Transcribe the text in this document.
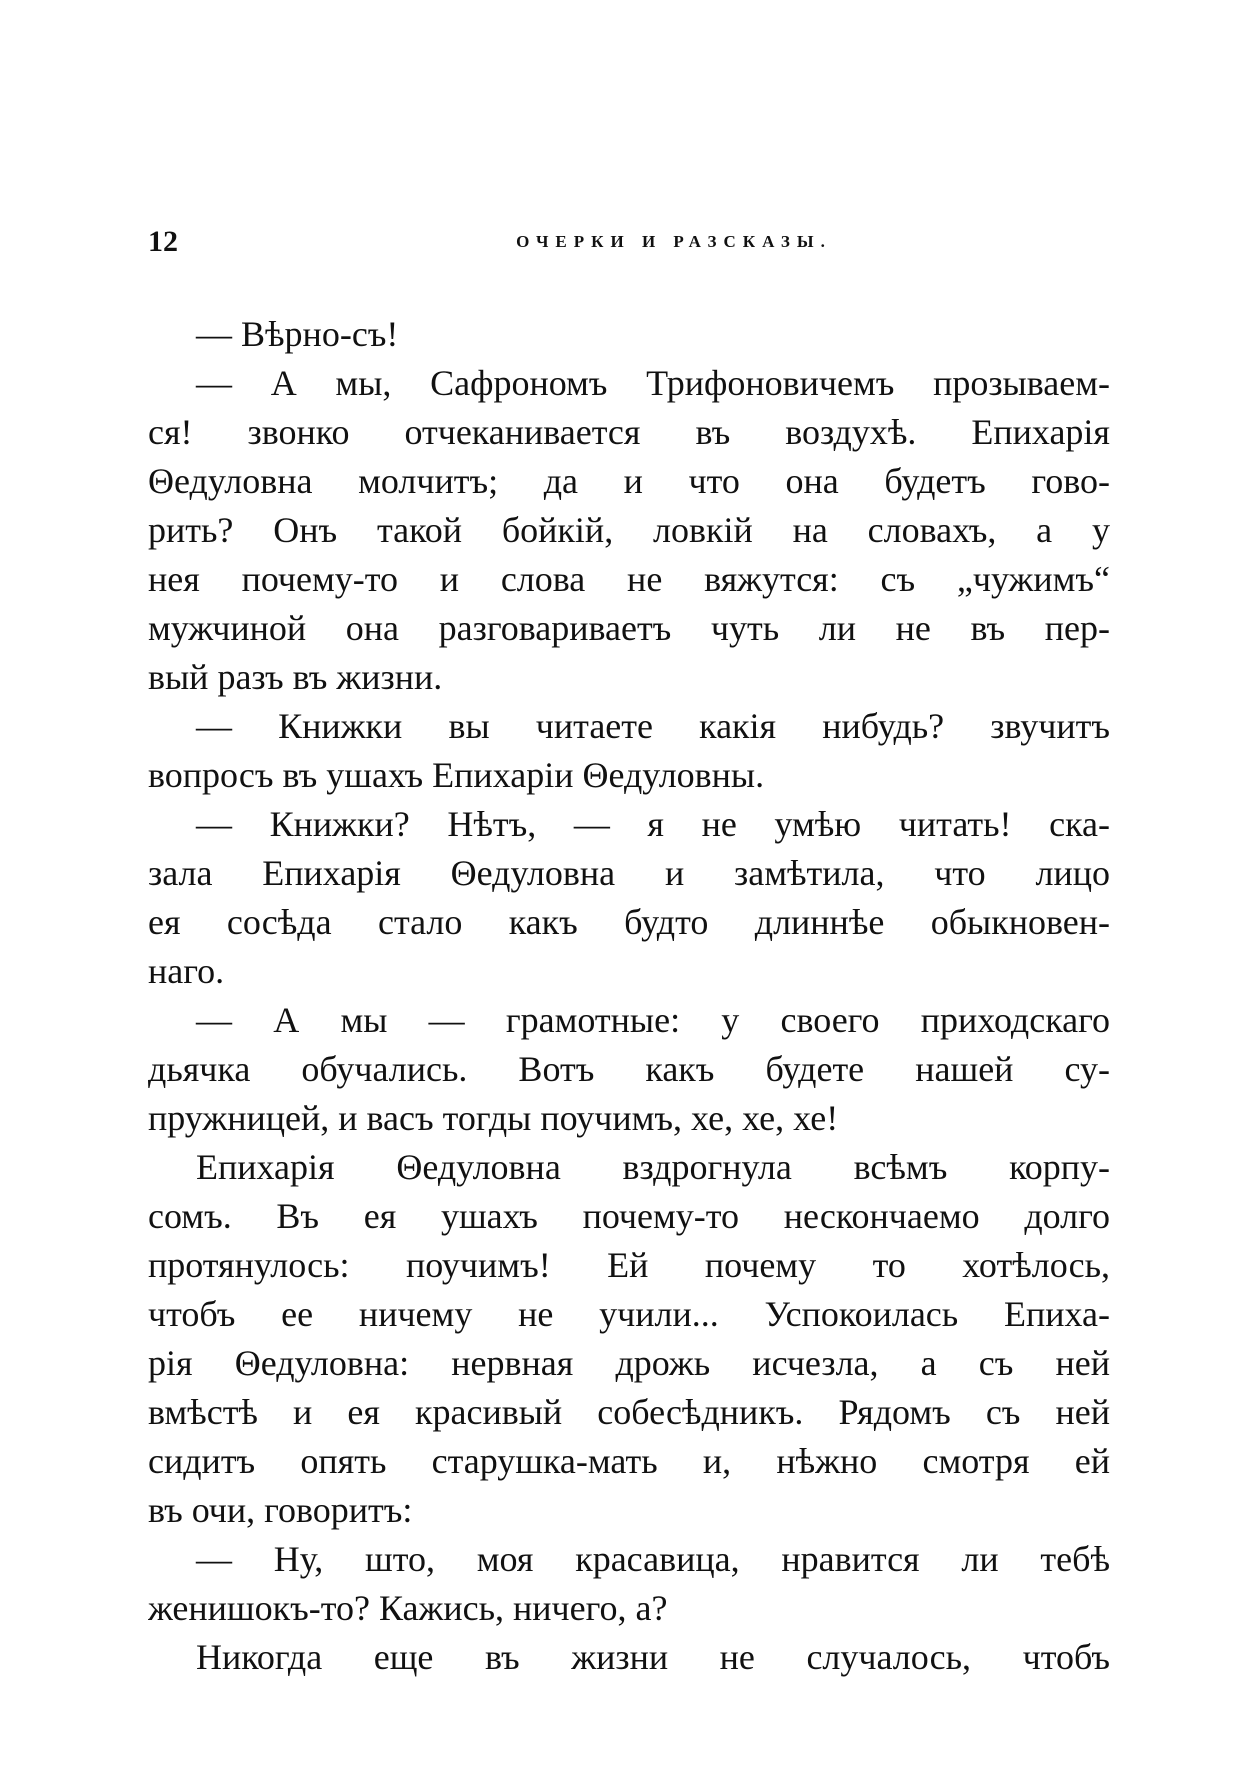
12	ОЧЕРКИ И РАЗСКАЗЫ.
— Вѣрно-съ!
— А мы, Сафрономъ Трифоновичемъ прозываем-
ся! звонко отчеканивается въ воздухѣ. Епихарія
Θедуловна молчитъ; да и что она будетъ гово-
рить? Онъ такой бойкій, ловкій на словахъ, а у
нея почему-то и слова не вяжутся: съ „чужимъ“
мужчиной она разговариваетъ чуть ли не въ пер-
вый разъ въ жизни.
— Книжки вы читаете какія нибудь? звучитъ
вопросъ въ ушахъ Епихаріи Θедуловны.
— Книжки? Нѣтъ, — я не умѣю читать! ска-
зала Епихарія Θедуловна и замѣтила, что лицо
ея сосѣда стало какъ будто длиннѣе обыкновен-
наго.
— А мы — грамотные: у своего приходскаго
дьячка обучались. Вотъ какъ будете нашей су-
пружницей, и васъ тогды поучимъ, хе, хе, хе!
Епихарія Θедуловна вздрогнула всѣмъ корпу-
сомъ. Въ ея ушахъ почему-то нескончаемо долго
протянулось: поучимъ! Ей почему то хотѣлось,
чтобъ ее ничему не учили... Успокоилась Епиха-
рія Θедуловна: нервная дрожь исчезла, а съ ней
вмѣстѣ и ея красивый собесѣдникъ. Рядомъ съ ней
сидитъ опять старушка-мать и, нѣжно смотря ей
въ очи, говоритъ:
— Ну, што, моя красавица, нравится ли тебѣ
женишокъ-то? Кажись, ничего, а?
Никогда еще въ жизни не случалось, чтобъ
